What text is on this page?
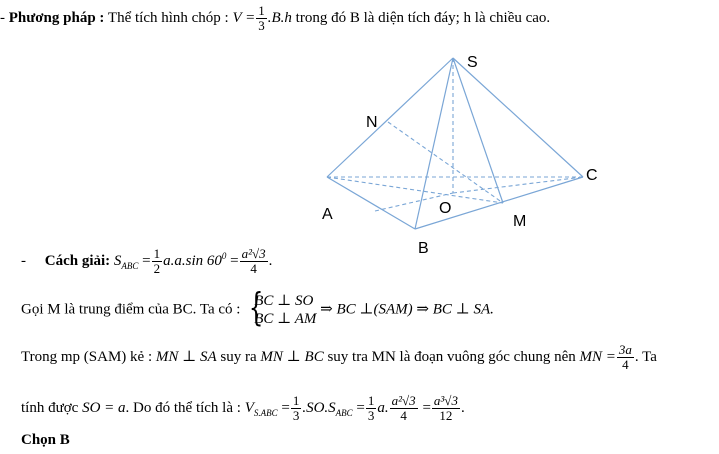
- Phương pháp : Thể tích hình chóp : $V = \frac{1}{3} .B.h$ trong đó B là diện tích đáy; h là chiều cao.
S
N
C
A	O
M
B
- Cách giải: $S_{ABC} = \frac{1}{2} a.a.\sin$ $60^0 = \frac{\text{a²√3}}{4}$ .
Gọi M là trung điểm của BC. Ta có : {
BC ⊥ SO
BC ⊥ AM
⇒ BC ⊥(SAM) ⇒ BC ⊥ SA.
Trong mp (SAM) kẻ : MN ⊥ SA suy ra MN ⊥ BC suy tra MN là đoạn vuông góc chung nên MN = $\frac{3a}{4}$ . Ta
tính được SO = a. Do đó thể tích là : $V_{S.ABC} = \frac{1}{3} .SO.S_{ABC} = \frac{1}{3} a$. $\frac{\text{a²√3}}{4} = \frac{\text{a³√3}}{12}$ .
Chọn B
